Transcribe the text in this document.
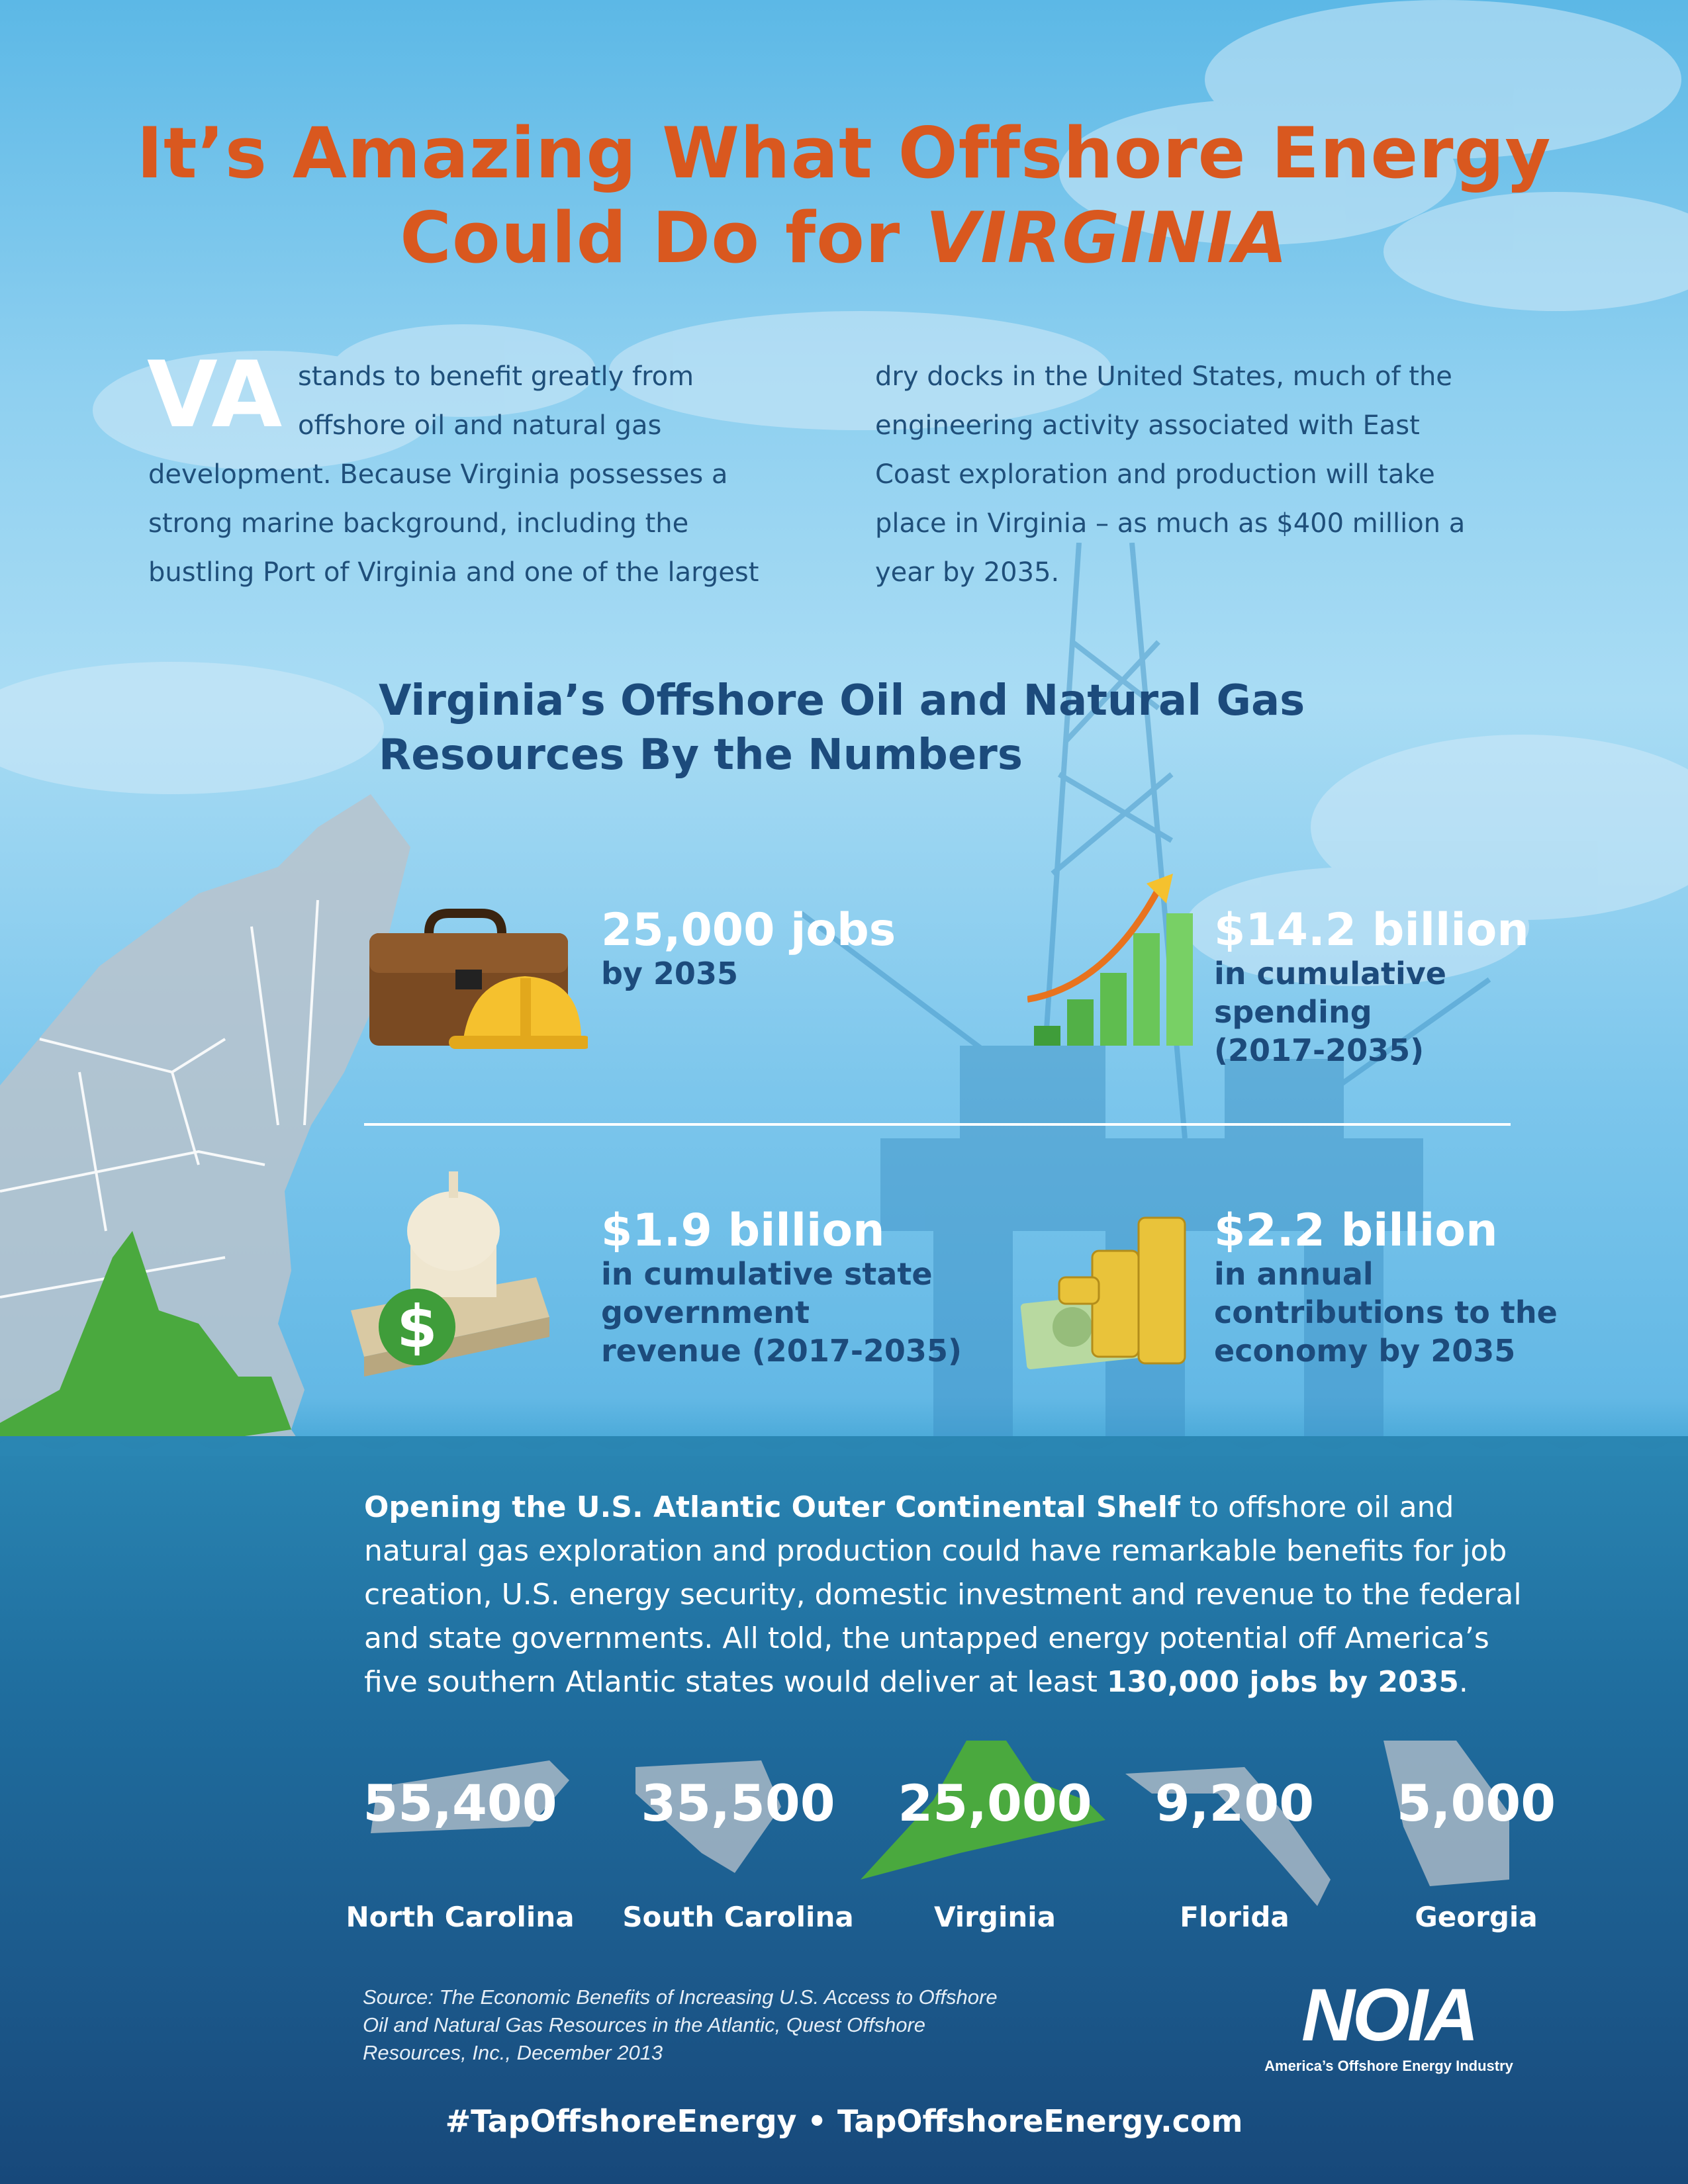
It’s Amazing What Offshore Energy
Could Do for VIRGINIA
VA stands to benefit greatly from
offshore oil and natural gas
development. Because Virginia possesses a
strong marine background, including the
bustling Port of Virginia and one of the largest
dry docks in the United States, much of the
engineering activity associated with East
Coast exploration and production will take
place in Virginia – as much as $400 million a
year by 2035.
Virginia’s Offshore Oil and Natural Gas
Resources By the Numbers
25,000 jobs
by 2035
$14.2 billion
in cumulative
spending
(2017-2035)
$
$1.9 billion
in cumulative state
government
revenue (2017-2035)
$2.2 billion
in annual
contributions to the
economy by 2035
Opening the U.S. Atlantic Outer Continental Shelf to offshore oil and
natural gas exploration and production could have remarkable benefits for job
creation, U.S. energy security, domestic investment and revenue to the federal
and state governments. All told, the untapped energy potential off America’s
five southern Atlantic states would deliver at least 130,000 jobs by 2035.
55,400	35,500	25,000	9,200	5,000
North Carolina South Carolina	Virginia	Florida	Georgia
Source: The Economic Benefits of Increasing U.S. Access to Offshore
Oil and Natural Gas Resources in the Atlantic, Quest Offshore
Resources, Inc., December 2013	NOIA
America’s Offshore Energy Industry
#TapOffshoreEnergy • TapOffshoreEnergy.com
